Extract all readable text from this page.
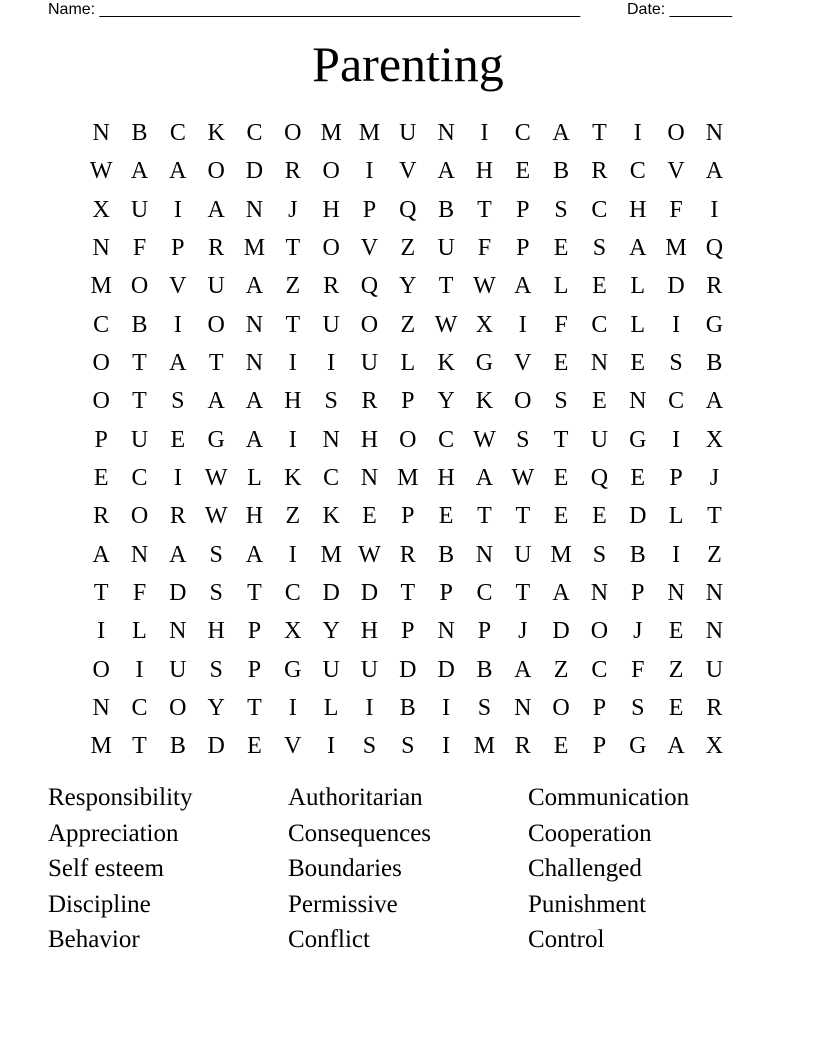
Name: ______________________________________________________	Date: _______
Parenting
N B C K C O M M U N	I	C A T	I	O N
W A A O D R O	I	V A H E B R C V A
X U	I	A N	J	H P Q B T	P	S C H F	I
N F	P R M T O V Z U F	P	E	S A M Q
M O V U A Z R Q Y T W A L E L D R
C B	I	O N T U O Z W X	I	F C L	I	G
O T A T N	I	I	U L K G V E N E	S B
O T	S A A H S R P Y K O S	E N C A
P U E G A	I	N H O C W S	T U G	I	X
E C	I W L K C N M H A W E Q E	P	J
R O R W H Z K E	P	E T T E E D L T
A N A S A	I M W R B N U M S B	I	Z
T	F D S	T C D D T	P C T A N P N N
I	L N H P X Y H P N P	J	D O	J	E N
O	I	U S	P G U U D D B A Z C F	Z U
N C O Y T	I	L	I	B	I	S N O P	S	E R
M T B D E V	I	S	S	I M R E	P G A X
Responsibility	Authoritarian	Communication
Appreciation	Consequences	Cooperation
Self esteem	Boundaries	Challenged
Discipline	Permissive	Punishment
Behavior	Conflict	Control
